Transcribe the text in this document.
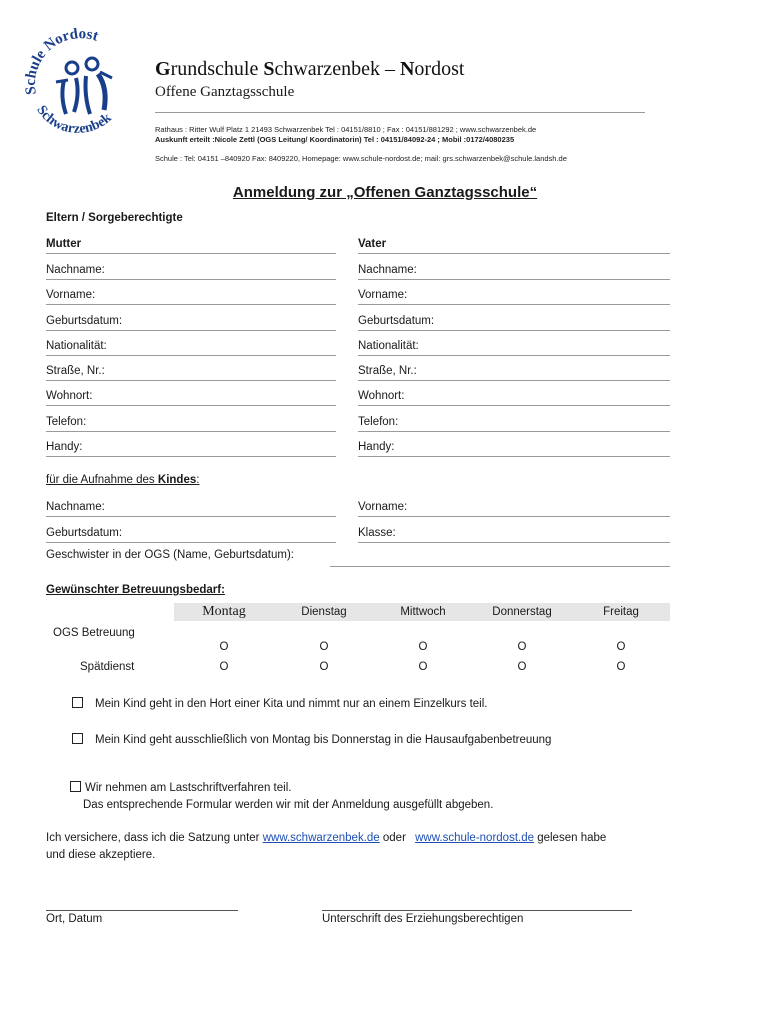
Schule Nordost
Schwarzenbek
Grundschule Schwarzenbek – Nordost
Offene Ganztagsschule
Rathaus : Ritter Wulf Platz 1 21493 Schwarzenbek Tel : 04151/8810 ; Fax : 04151/881292 ; www.schwarzenbek.de
Auskunft erteilt :Nicole Zettl (OGS Leitung/ Koordinatorin) Tel : 04151/84092-24 ; Mobil :0172/4080235
Schule : Tel: 04151 –840920 Fax: 8409220, Homepage: www.schule-nordost.de; mail: grs.schwarzenbek@schule.landsh.de
Anmeldung zur „Offenen Ganztagsschule“
Eltern / Sorgeberechtigte
Mutter	Vater
Nachname:	Nachname:
Vorname:	Vorname:
Geburtsdatum:	Geburtsdatum:
Nationalität:	Nationalität:
Straße, Nr.:	Straße, Nr.:
Wohnort:	Wohnort:
Telefon:	Telefon:
Handy:	Handy:
für die Aufnahme des Kindes:
Nachname:	Vorname:
Geburtsdatum:	Klasse:
Geschwister in der OGS (Name, Geburtsdatum):
Gewünschter Betreuungsbedarf:
	Montag	Dienstag	Mittwoch	Donnerstag	Freitag
OGS Betreuung	O	O	O	O	O
Spätdienst	O	O	O	O	O
Mein Kind geht in den Hort einer Kita und nimmt nur an einem Einzelkurs teil.
Mein Kind geht ausschließlich von Montag bis Donnerstag in die Hausaufgabenbetreuung
Wir nehmen am Lastschriftverfahren teil.
Das entsprechende Formular werden wir mit der Anmeldung ausgefüllt abgeben.
Ich versichere, dass ich die Satzung unter www.schwarzenbek.de oder www.schule-nordost.de gelesen habe
und diese akzeptiere.
Ort, Datum	Unterschrift des Erziehungsberechtigen
